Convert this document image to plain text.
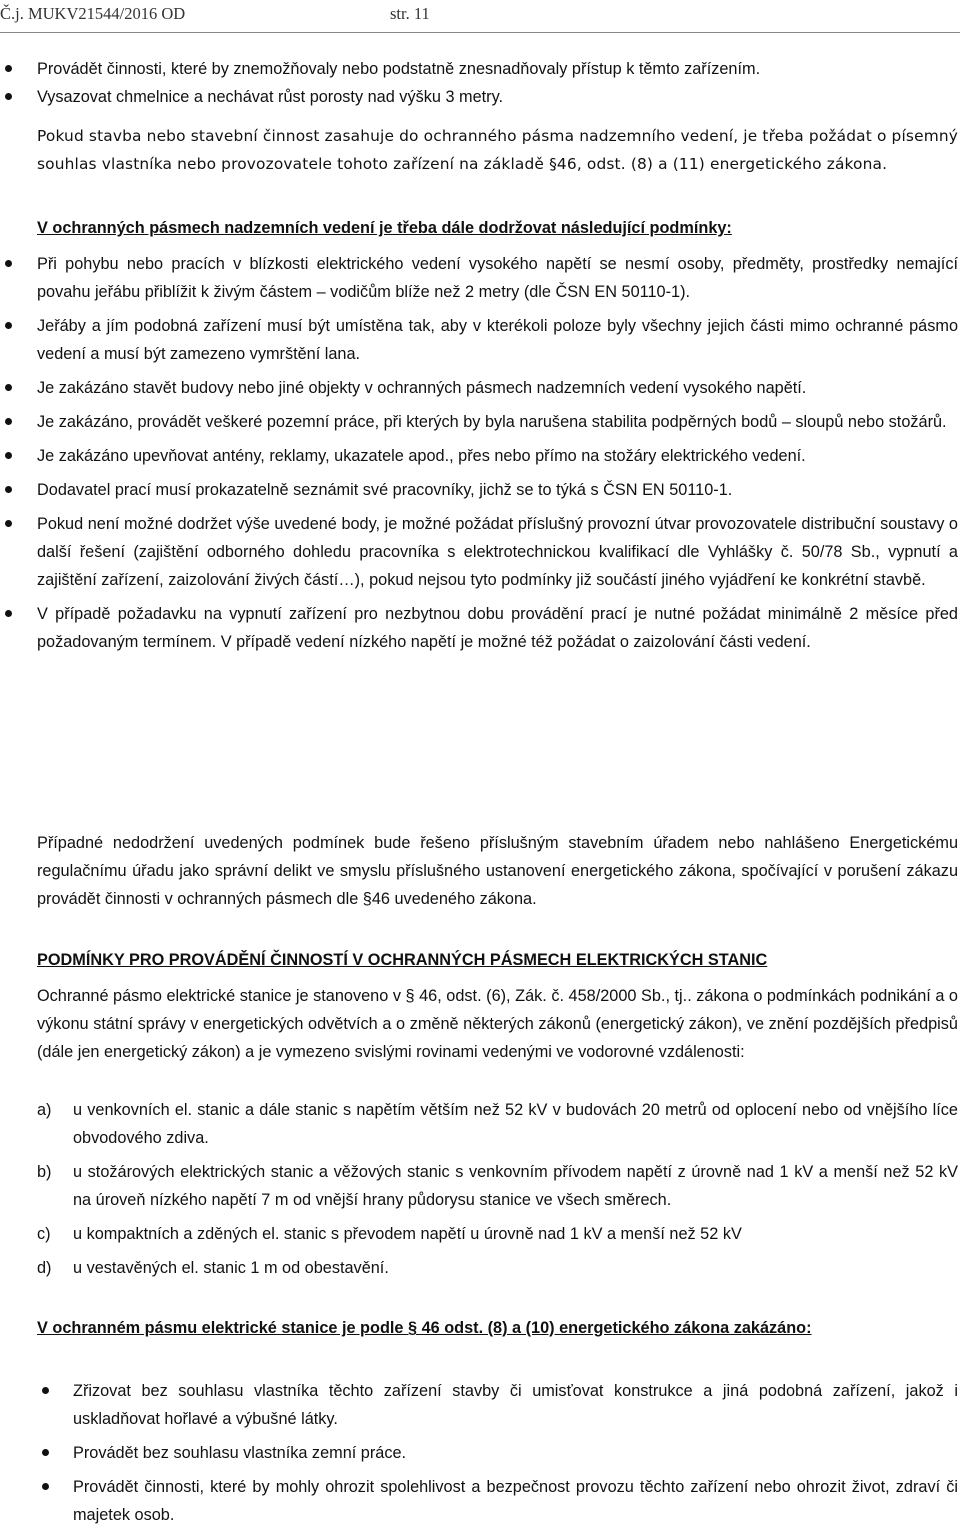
Č.j. MUKV21544/2016 OD	str. 11
Provádět činnosti, které by znemožňovaly nebo podstatně znesnadňovaly přístup k těmto zařízením.
Vysazovat chmelnice a nechávat růst porosty nad výšku 3 metry.
Pokud stavba nebo stavební činnost zasahuje do ochranného pásma nadzemního vedení, je třeba požádat o písemný souhlas vlastníka nebo provozovatele tohoto zařízení na základě §46, odst. (8) a (11) energetického zákona.
V ochranných pásmech nadzemních vedení je třeba dále dodržovat následující podmínky:
Při pohybu nebo pracích v blízkosti elektrického vedení vysokého napětí se nesmí osoby, předměty, prostředky nemající povahu jeřábu přiblížit k živým částem – vodičům blíže než 2 metry (dle ČSN EN 50110-1).
Jeřáby a jím podobná zařízení musí být umístěna tak, aby v kterékoli poloze byly všechny jejich části mimo ochranné pásmo vedení a musí být zamezeno vymrštění lana.
Je zakázáno stavět budovy nebo jiné objekty v ochranných pásmech nadzemních vedení vysokého napětí.
Je zakázáno, provádět veškeré pozemní práce, při kterých by byla narušena stabilita podpěrných bodů – sloupů nebo stožárů.
Je zakázáno upevňovat antény, reklamy, ukazatele apod., přes nebo přímo na stožáry elektrického vedení.
Dodavatel prací musí prokazatelně seznámit své pracovníky, jichž se to týká s ČSN EN 50110-1.
Pokud není možné dodržet výše uvedené body, je možné požádat příslušný provozní útvar provozovatele distribuční soustavy o další řešení (zajištění odborného dohledu pracovníka s elektrotechnickou kvalifikací dle Vyhlášky č. 50/78 Sb., vypnutí a zajištění zařízení, zaizolování živých částí…), pokud nejsou tyto podmínky již součástí jiného vyjádření ke konkrétní stavbě.
V případě požadavku na vypnutí zařízení pro nezbytnou dobu provádění prací je nutné požádat minimálně 2 měsíce před požadovaným termínem. V případě vedení nízkého napětí je možné též požádat o zaizolování části vedení.
Případné nedodržení uvedených podmínek bude řešeno příslušným stavebním úřadem nebo nahlášeno Energetickému regulačnímu úřadu jako správní delikt ve smyslu příslušného ustanovení energetického zákona, spočívající v porušení zákazu provádět činnosti v ochranných pásmech dle §46 uvedeného zákona.
PODMÍNKY PRO PROVÁDĚNÍ ČINNOSTÍ V OCHRANNÝCH PÁSMECH ELEKTRICKÝCH STANIC
Ochranné pásmo elektrické stanice je stanoveno v § 46, odst. (6), Zák. č. 458/2000 Sb., tj.. zákona o podmínkách podnikání a o výkonu státní správy v energetických odvětvích a o změně některých zákonů (energetický zákon), ve znění pozdějších předpisů (dále jen energetický zákon) a je vymezeno svislými rovinami vedenými ve vodorovné vzdálenosti:
a) u venkovních el. stanic a dále stanic s napětím větším než 52 kV v budovách 20 metrů od oplocení nebo od vnějšího líce obvodového zdiva.
b) u stožárových elektrických stanic a věžových stanic s venkovním přívodem napětí z úrovně nad 1 kV a menší než 52 kV na úroveň nízkého napětí 7 m od vnější hrany půdorysu stanice ve všech směrech.
c) u kompaktních a zděných el. stanic s převodem napětí u úrovně nad 1 kV a menší než 52 kV
d) u vestavěných el. stanic 1 m od obestavění.
V ochranném pásmu elektrické stanice je podle § 46 odst. (8) a (10) energetického zákona zakázáno:
Zřizovat bez souhlasu vlastníka těchto zařízení stavby či umisťovat konstrukce a jiná podobná zařízení, jakož i uskladňovat hořlavé a výbušné látky.
Provádět bez souhlasu vlastníka zemní práce.
Provádět činnosti, které by mohly ohrozit spolehlivost a bezpečnost provozu těchto zařízení nebo ohrozit život, zdraví či majetek osob.
